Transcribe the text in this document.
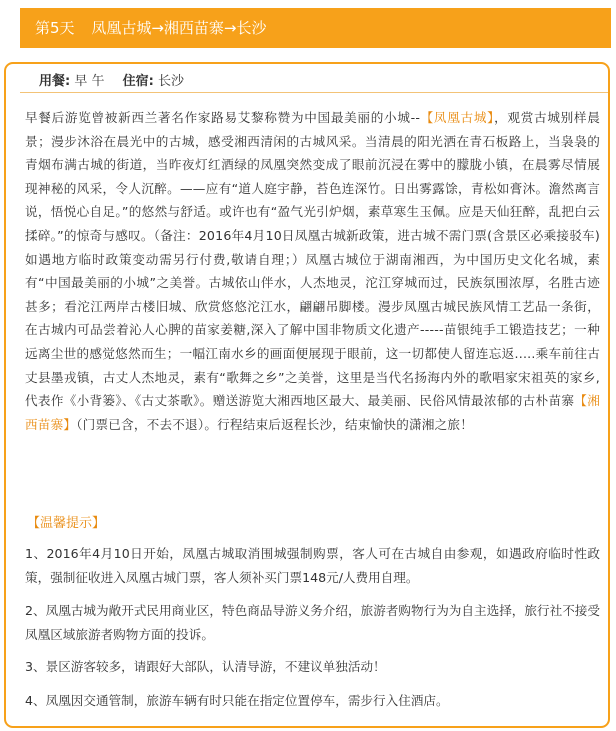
第5天 凤凰古城→湘西苗寨→长沙
用餐: 早 午 住宿: 长沙
早餐后游览曾被新西兰著名作家路易艾黎称赞为中国最美丽的小城--【凤凰古城】，观赏古城别样晨景；漫步沐浴在晨光中的古城，感受湘西清闲的古城风采。当清晨的阳光洒在青石板路上，当袅袅的青烟布满古城的街道，当昨夜灯红酒绿的凤凰突然变成了眼前沉浸在雾中的朦胧小镇，在晨雾尽情展现神秘的风采，令人沉醉。——应有“道人庭宇静，苔色连深竹。日出雾露馀，青松如膏沐。澹然离言说，悟悦心自足。”的悠然与舒适。或许也有“盈气光引炉烟，素草寒生玉佩。应是天仙狂醉，乱把白云揉碎。”的惊奇与感叹。（备注：2016年4月10日凤凰古城新政策，进古城不需门票(含景区必乘接驳车)如遇地方临时政策变动需另行付费,敬请自理；）凤凰古城位于湖南湘西，为中国历史文化名城，素有“中国最美丽的小城”之美誉。古城依山伴水，人杰地灵，沱江穿城而过，民族氛围浓厚，名胜古迹甚多；看沱江两岸古楼旧城、欣赏悠悠沱江水，翩翩吊脚楼。漫步凤凰古城民族风情工艺品一条街，在古城内可品尝着沁人心脾的苗家姜糖,深入了解中国非物质文化遗产-----苗银纯手工锻造技艺；一种远离尘世的感觉悠然而生；一幅江南水乡的画面便展现于眼前，这一切都使人留连忘返.....乘车前往古丈县墨戎镇，古丈人杰地灵，素有“歌舞之乡”之美誉，这里是当代名扬海内外的歌唱家宋祖英的家乡,代表作《小背篓》、《古丈茶歌》。赠送游览大湘西地区最大、最美丽、民俗风情最浓郁的古朴苗寨【湘西苗寨】（门票已含，不去不退）。行程结束后返程长沙，结束愉快的潇湘之旅！
【温馨提示】
1、2016年4月10日开始，凤凰古城取消围城强制购票，客人可在古城自由参观，如遇政府临时性政策，强制征收进入凤凰古城门票，客人须补买门票148元/人费用自理。
2、凤凰古城为敞开式民用商业区，特色商品导游义务介绍，旅游者购物行为为自主选择，旅行社不接受凤凰区域旅游者购物方面的投诉。
3、景区游客较多，请跟好大部队，认清导游，不建议单独活动！
4、凤凰因交通管制，旅游车辆有时只能在指定位置停车，需步行入住酒店。
